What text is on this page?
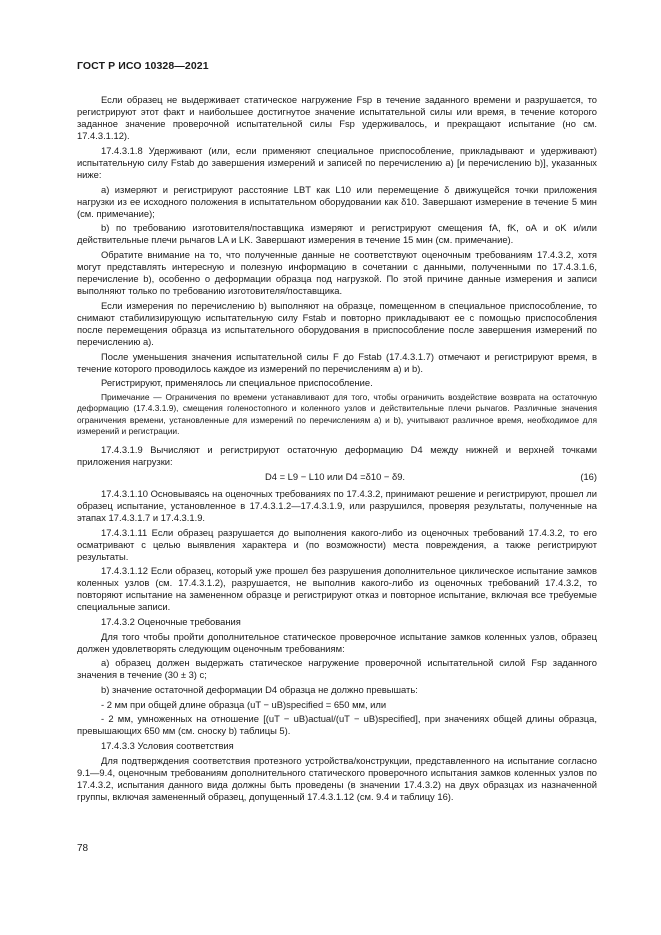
ГОСТ Р ИСО 10328—2021

Если образец не выдерживает статическое нагружение Fsp в течение заданного времени и разрушается, то регистрируют этот факт и наибольшее достигнутое значение испытательной силы или время, в течение которого заданное значение проверочной испытательной силы Fsp удерживалось, и прекращают испытание (но см. 17.4.3.1.12).

17.4.3.1.8 Удерживают (или, если применяют специальное приспособление, прикладывают и удерживают) испытательную силу Fstab до завершения измерений и записей по перечислению а) [и перечислению b)], указанных ниже:

a) измеряют и регистрируют расстояние LBT как L10 или перемещение δ движущейся точки приложения нагрузки из ее исходного положения в испытательном оборудовании как δ10. Завершают измерение в течение 5 мин (см. примечание);

b) по требованию изготовителя/поставщика измеряют и регистрируют смещения fA, fK, oA и oK и/или действительные плечи рычагов LA и LK. Завершают измерения в течение 15 мин (см. примечание).

Обратите внимание на то, что полученные данные не соответствуют оценочным требованиям 17.4.3.2, хотя могут представлять интересную и полезную информацию в сочетании с данными, полученными по 17.4.3.1.6, перечисление b), особенно о деформации образца под нагрузкой. По этой причине данные измерения и записи выполняют только по требованию изготовителя/поставщика.

Если измерения по перечислению b) выполняют на образце, помещенном в специальное приспособление, то снимают стабилизирующую испытательную силу Fstab и повторно прикладывают ее с помощью приспособления после перемещения образца из испытательного оборудования в приспособление после завершения измерений по перечислению а).

После уменьшения значения испытательной силы F до Fstab (17.4.3.1.7) отмечают и регистрируют время, в течение которого проводилось каждое из измерений по перечислениям а) и b).

Регистрируют, применялось ли специальное приспособление.

Примечание — Ограничения по времени устанавливают для того, чтобы ограничить воздействие возврата на остаточную деформацию (17.4.3.1.9), смещения голеностопного и коленного узлов и действительные плечи рычагов. Различные значения ограничения времени, установленные для измерений по перечислениям а) и b), учитывают различное время, необходимое для измерений и регистрации.

17.4.3.1.9 Вычисляют и регистрируют остаточную деформацию D4 между нижней и верхней точками приложения нагрузки:

D4 = L9 − L10 или D4 =δ10 − δ9.	(16)

17.4.3.1.10 Основываясь на оценочных требованиях по 17.4.3.2, принимают решение и регистрируют, прошел ли образец испытание, установленное в 17.4.3.1.2—17.4.3.1.9, или разрушился, проверяя результаты, полученные на этапах 17.4.3.1.7 и 17.4.3.1.9.

17.4.3.1.11 Если образец разрушается до выполнения какого-либо из оценочных требований 17.4.3.2, то его осматривают с целью выявления характера и (по возможности) места повреждения, а также регистрируют результаты.

17.4.3.1.12 Если образец, который уже прошел без разрушения дополнительное циклическое испытание замков коленных узлов (см. 17.4.3.1.2), разрушается, не выполнив какого-либо из оценочных требований 17.4.3.2, то повторяют испытание на замененном образце и регистрируют отказ и повторное испытание, включая все требуемые специальные записи.

17.4.3.2 Оценочные требования

Для того чтобы пройти дополнительное статическое проверочное испытание замков коленных узлов, образец должен удовлетворять следующим оценочным требованиям:

а) образец должен выдержать статическое нагружение проверочной испытательной силой Fsp заданного значения в течение (30 ± 3) с;

b) значение остаточной деформации D4 образца не должно превышать:

- 2 мм при общей длине образца (uT − uB)specified = 650 мм, или

- 2 мм, умноженных на отношение [(uT − uB)actual/(uT − uB)specified], при значениях общей длины образца, превышающих 650 мм (см. сноску b) таблицы 5).

17.4.3.3 Условия соответствия

Для подтверждения соответствия протезного устройства/конструкции, представленного на испытание согласно 9.1—9.4, оценочным требованиям дополнительного статического проверочного испытания замков коленных узлов по 17.4.3.2, испытания данного вида должны быть проведены (в значении 17.4.3.2) на двух образцах из назначенной группы, включая замененный образец, допущенный 17.4.3.1.12 (см. 9.4 и таблицу 16).

78
